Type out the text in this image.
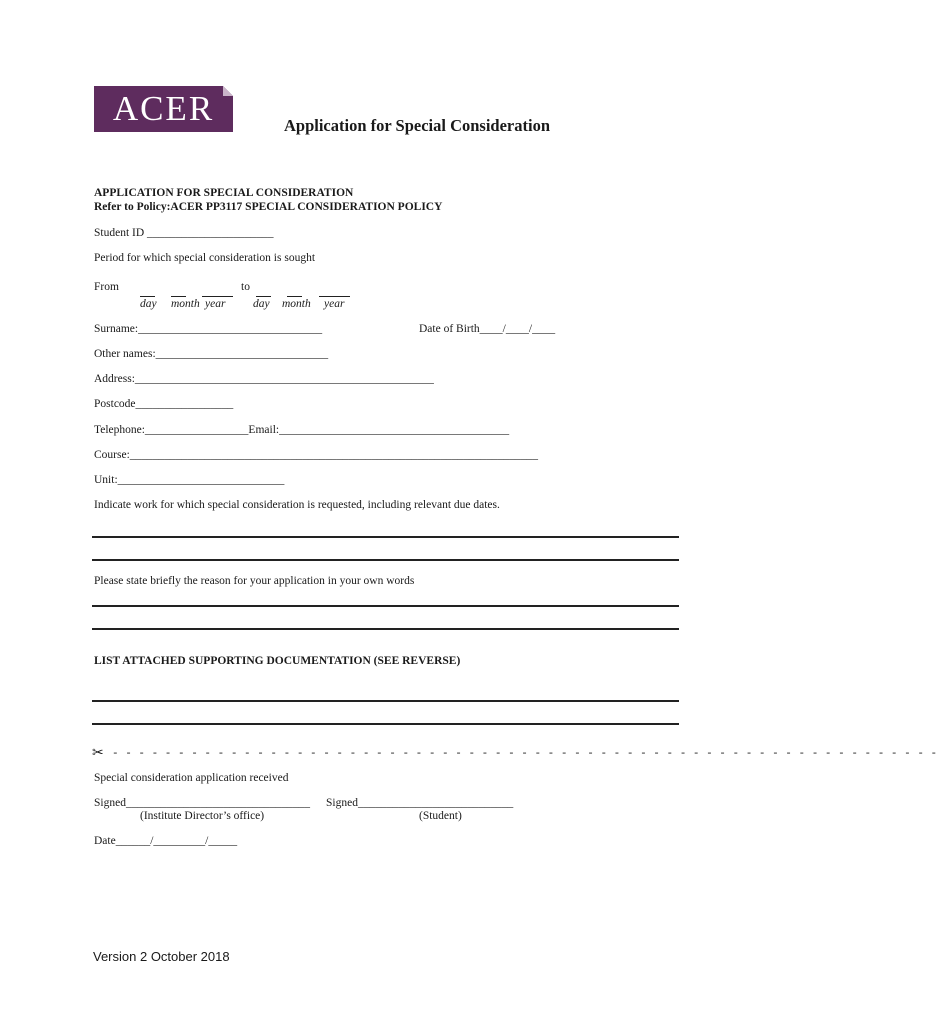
ACER	Application for Special Consideration
APPLICATION FOR SPECIAL CONSIDERATION
Refer to Policy:ACER PP3117 SPECIAL CONSIDERATION POLICY
Student ID ______________________
Period for which special consideration is sought
From	to
day month year day month year
Surname:________________________________	Date of Birth____/____/____
Other names:______________________________
Address:____________________________________________________
Postcode_________________
Telephone:__________________Email:________________________________________
Course:_______________________________________________________________________
Unit:_____________________________
Indicate work for which special consideration is requested, including relevant due dates.
Please state briefly the reason for your application in your own words
LIST ATTACHED SUPPORTING DOCUMENTATION (SEE REVERSE)
✂ - - - - - - - - - - - - - - - - - - - - - - - - - - - - - - - - - - - - - - - - - - - - - - - - - - - - - - - - - - - - - - -
Special consideration application received
Signed________________________________
(Institute Director’s office)
Signed___________________________
(Student)
Date______/_________/_____
Version 2 October 2018
